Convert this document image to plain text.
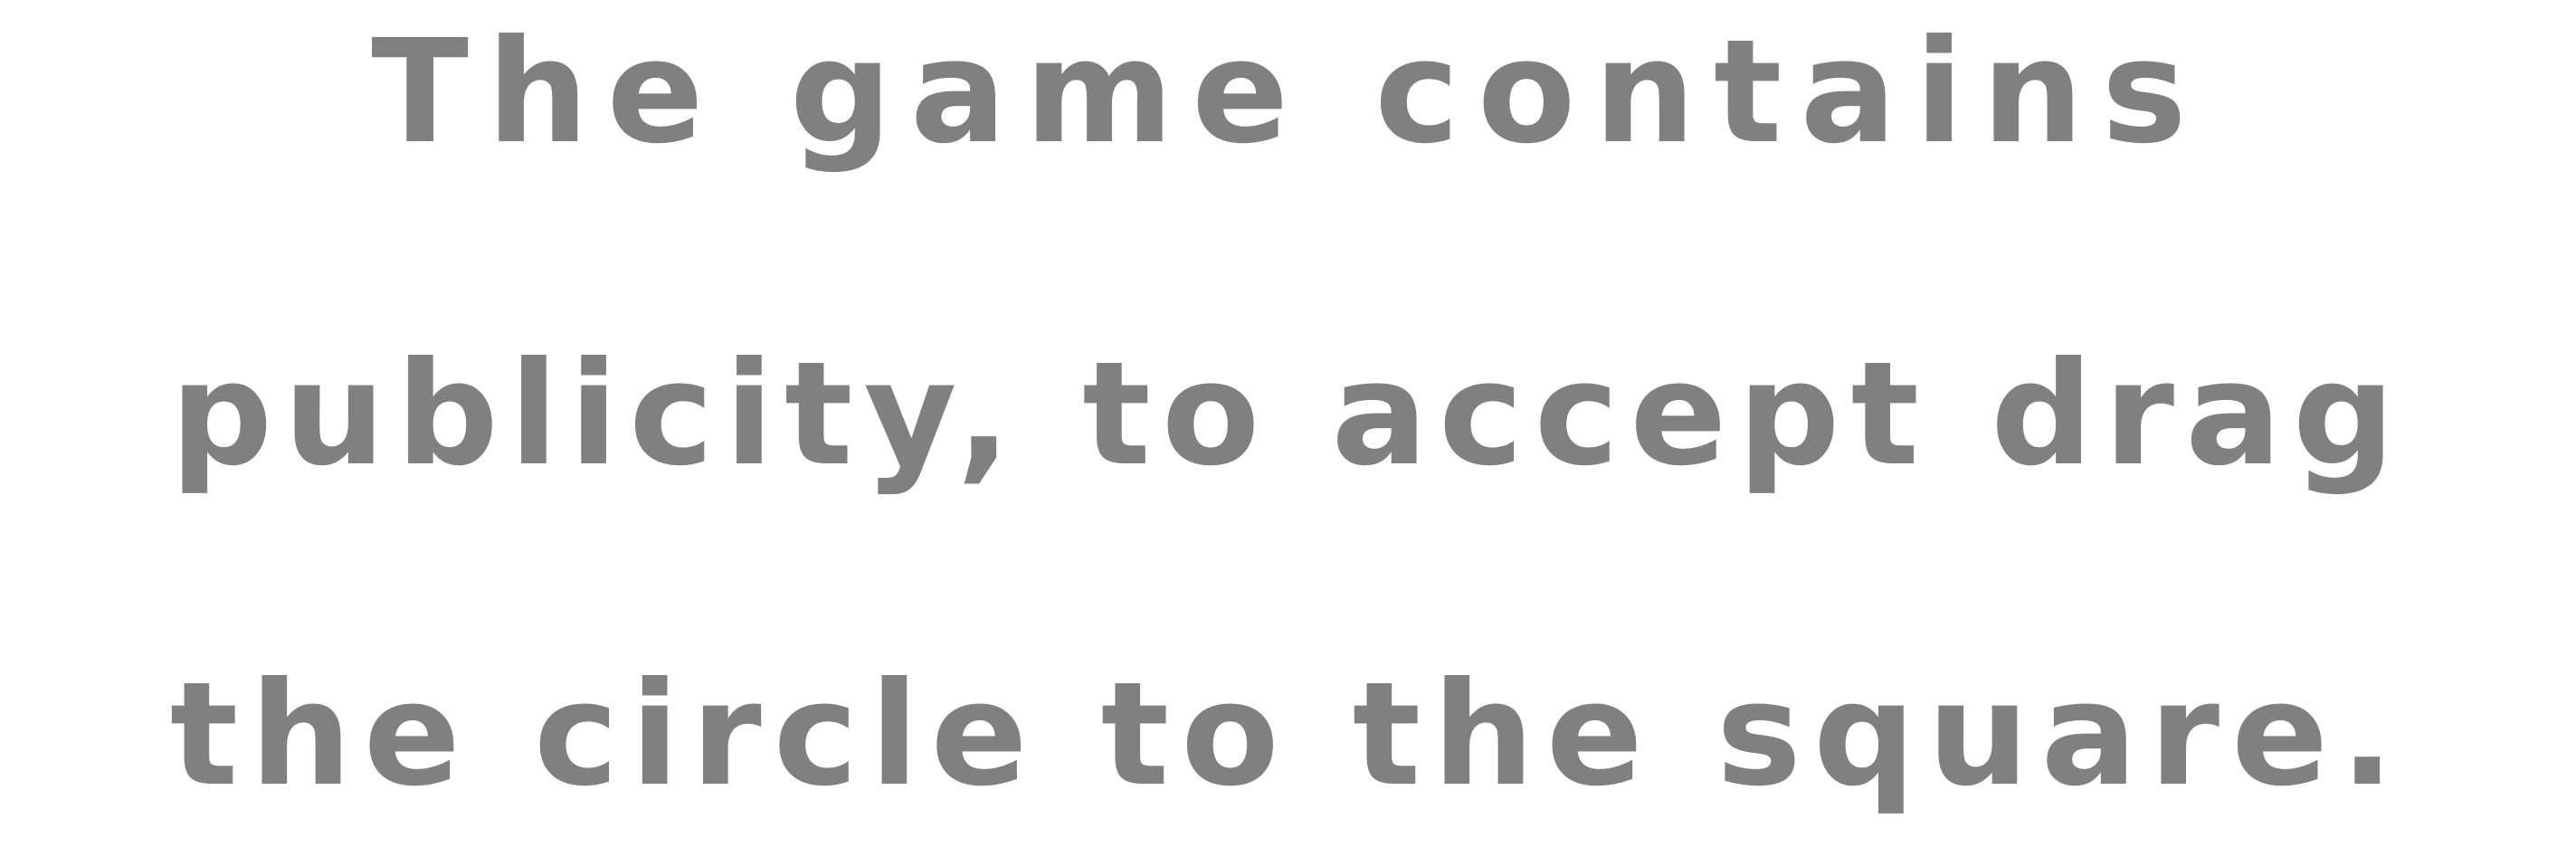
The game contains
publicity, to accept drag
the circle to the square.
